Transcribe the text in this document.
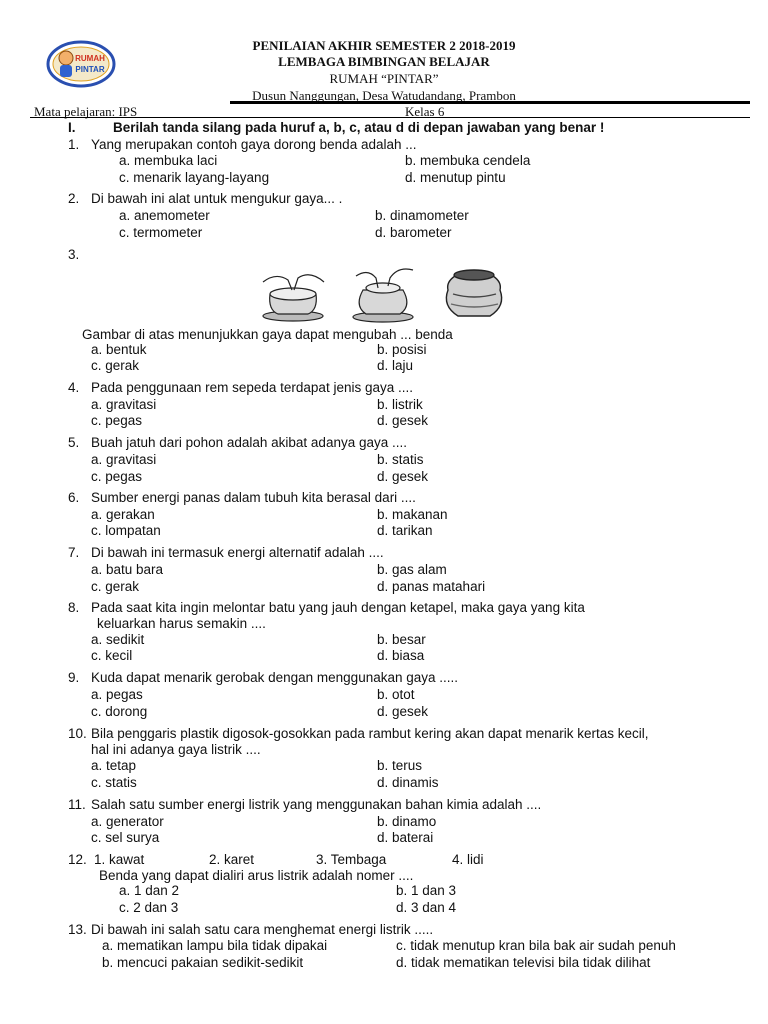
RUMAH
PINTAR
PENILAIAN AKHIR SEMESTER 2 2018-2019
LEMBAGA BIMBINGAN BELAJAR
RUMAH “PINTAR”
Dusun Nanggungan, Desa Watudandang, Prambon
Mata pelajaran: IPS	Kelas 6
I.	Berilah tanda silang pada huruf a, b, c, atau d di depan jawaban yang benar !
1. Yang merupakan contoh gaya dorong benda adalah ...
a. membuka laci	b. membuka cendela
c. menarik layang-layang	d. menutup pintu
2. Di bawah ini alat untuk mengukur gaya... .
a. anemometer	b. dinamometer
c. termometer	d. barometer
3.
Gambar di atas menunjukkan gaya dapat mengubah ... benda
a. bentuk	b. posisi
c. gerak	d. laju
4. Pada penggunaan rem sepeda terdapat jenis gaya ....
a. gravitasi	b. listrik
c. pegas	d. gesek
5. Buah jatuh dari pohon adalah akibat adanya gaya ....
a. gravitasi	b. statis
c. pegas	d. gesek
6. Sumber energi panas dalam tubuh kita berasal dari ....
a. gerakan	b. makanan
c. lompatan	d. tarikan
7. Di bawah ini termasuk energi alternatif adalah ....
a. batu bara	b. gas alam
c. gerak	d. panas matahari
8. Pada saat kita ingin melontar batu yang jauh dengan ketapel, maka gaya yang kita
keluarkan harus semakin ....
a. sedikit	b. besar
c. kecil	d. biasa
9. Kuda dapat menarik gerobak dengan menggunakan gaya .....
a. pegas	b. otot
c. dorong	d. gesek
10. Bila penggaris plastik digosok-gosokkan pada rambut kering akan dapat menarik kertas kecil,
hal ini adanya gaya listrik ....
a. tetap	b. terus
c. statis	d. dinamis
11. Salah satu sumber energi listrik yang menggunakan bahan kimia adalah ....
a. generator	b. dinamo
c. sel surya	d. baterai
12. 1. kawat	2. karet	3. Tembaga	4. lidi
Benda yang dapat dialiri arus listrik adalah nomer ....
a. 1 dan 2	b. 1 dan 3
c. 2 dan 3	d. 3 dan 4
13. Di bawah ini salah satu cara menghemat energi listrik .....
a. mematikan lampu bila tidak dipakai	c. tidak menutup kran bila bak air sudah penuh
b. mencuci pakaian sedikit-sedikit	d. tidak mematikan televisi bila tidak dilihat
